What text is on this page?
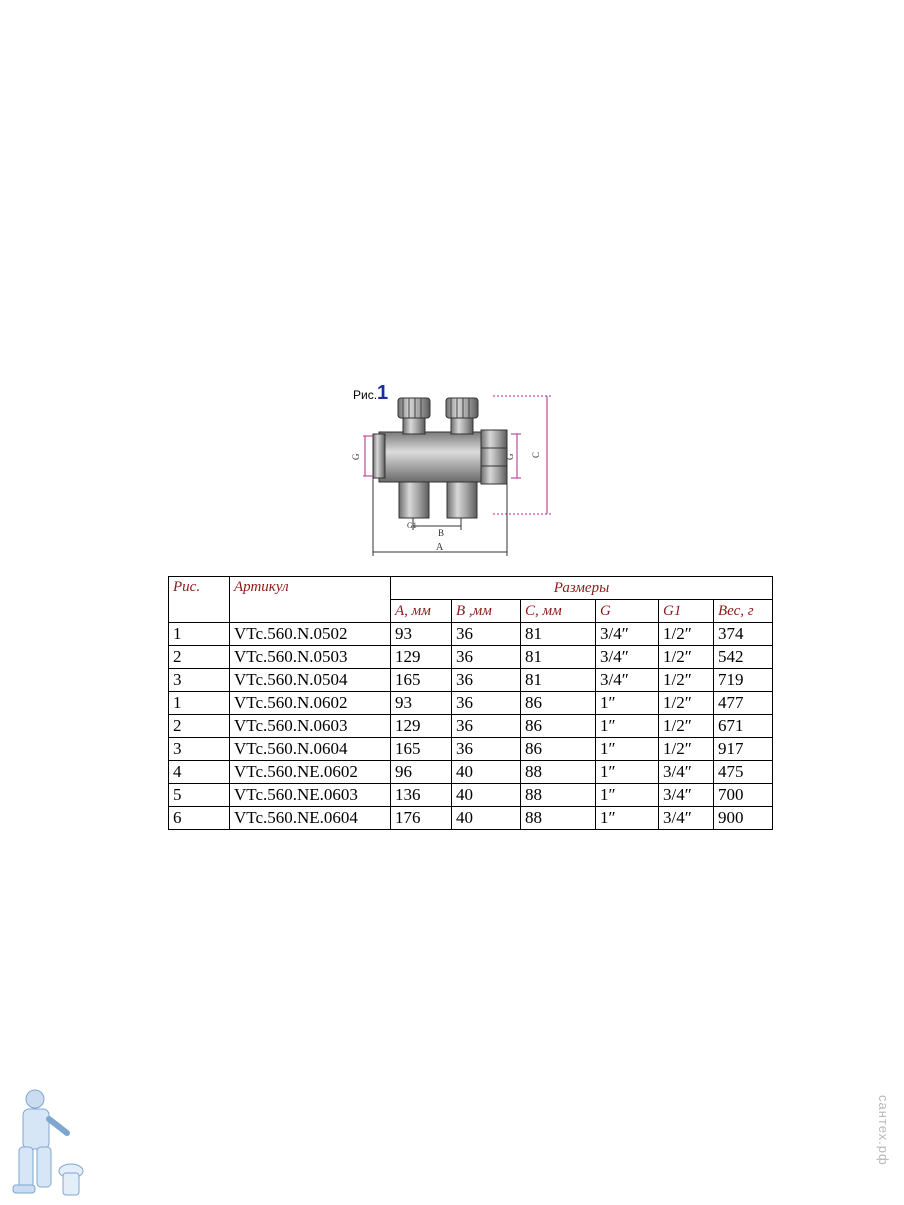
Рис.1
C
G
G
B
G1
A
Рис.	Артикул	Размеры					
		A, мм	B ,мм	C, мм	G	G1	Вес, г
1	VTc.560.N.0502	93	36	81	3/4″	1/2″	374
2	VTc.560.N.0503	129	36	81	3/4″	1/2″	542
3	VTc.560.N.0504	165	36	81	3/4″	1/2″	719
1	VTc.560.N.0602	93	36	86	1″	1/2″	477
2	VTc.560.N.0603	129	36	86	1″	1/2″	671
3	VTc.560.N.0604	165	36	86	1″	1/2″	917
4	VTc.560.NE.0602	96	40	88	1″	3/4″	475
5	VTc.560.NE.0603	136	40	88	1″	3/4″	700
6	VTc.560.NE.0604	176	40	88	1″	3/4″	900
сантех.рф
